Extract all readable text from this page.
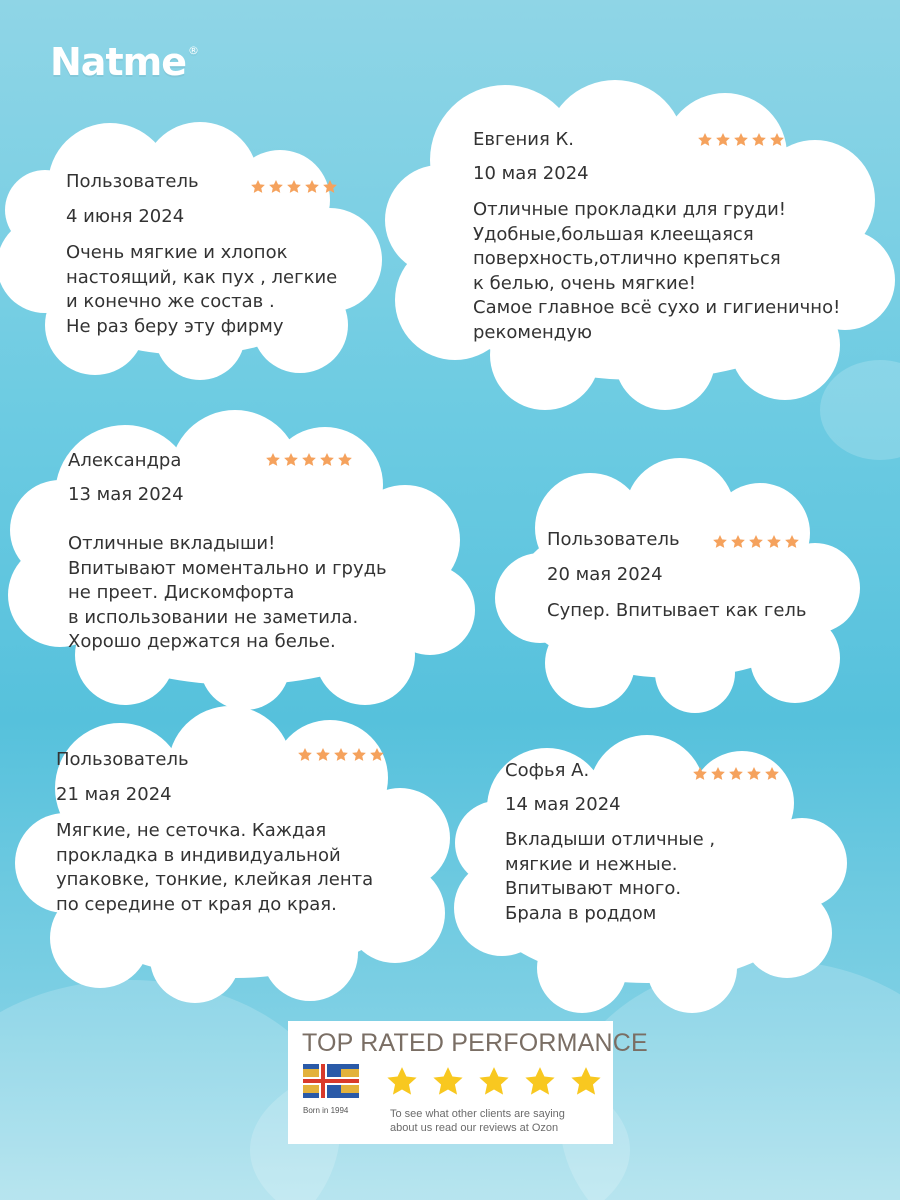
Natme ®
Пользователь
4 июня 2024
Очень мягкие и хлопок
настоящий, как пух , легкие
и конечно же состав .
Не раз беру эту фирму
Евгения К.
10 мая 2024
Отличные прокладки для груди!
Удобные,большая клеещаяся
поверхность,отлично крепяться
к белью, очень мягкие!
Самое главное всё сухо и гигиенично!
рекомендую
Александра
13 мая 2024
Отличные вкладыши!
Впитывают моментально и грудь
не преет. Дискомфорта
в использовании не заметила.
Хорошо держатся на белье.
Пользователь
20 мая 2024
Супер. Впитывает как гель
Пользователь
21 мая 2024
Мягкие, не сеточка. Каждая
прокладка в индивидуальной
упаковке, тонкие, клейкая лента
по середине от края до края.
Софья А.
14 мая 2024
Вкладыши отличные ,
мягкие и нежные.
Впитывают много.
Брала в роддом
TOP RATED PERFORMANCE
Born in 1994	To see what other clients are saying
about us read our reviews at Ozon
